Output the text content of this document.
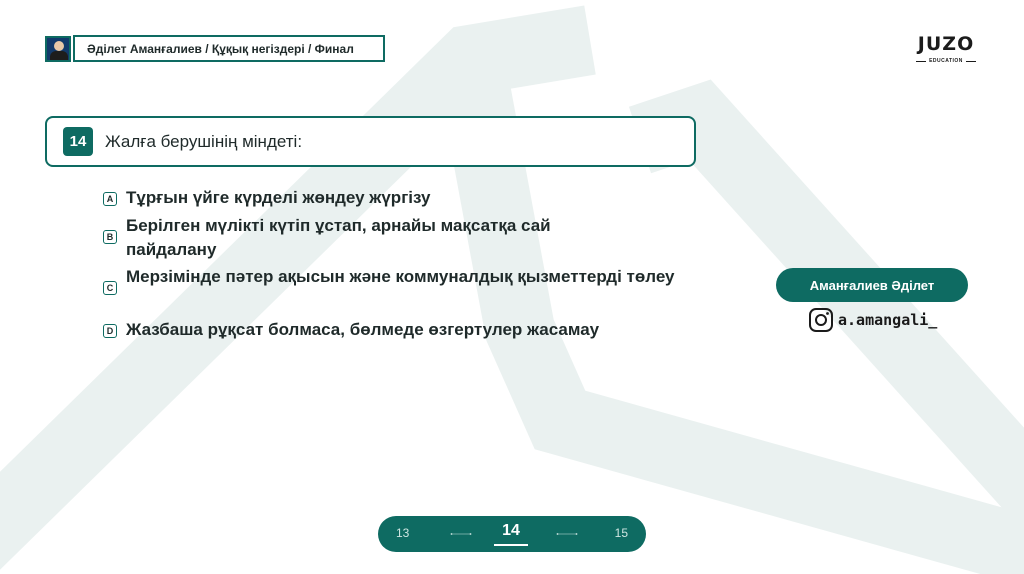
Әділет Аманғалиев / Құқық негіздері / Финал	JUZO
EDUCATION
14	Жалға берушінің міндеті:
A Тұрғын үйге күрделі жөндеу жүргізу
B
Берілген мүлікті күтіп ұстап, арнайы мақсатқа сай пайдалану
C
Мерзімінде пәтер ақысын және коммуналдық қызметтерді төлеу
D Жазбаша рұқсат болмаса, бөлмеде өзгертулер жасамау
Аманғалиев Әділет
a.amangali_
13	14	15
